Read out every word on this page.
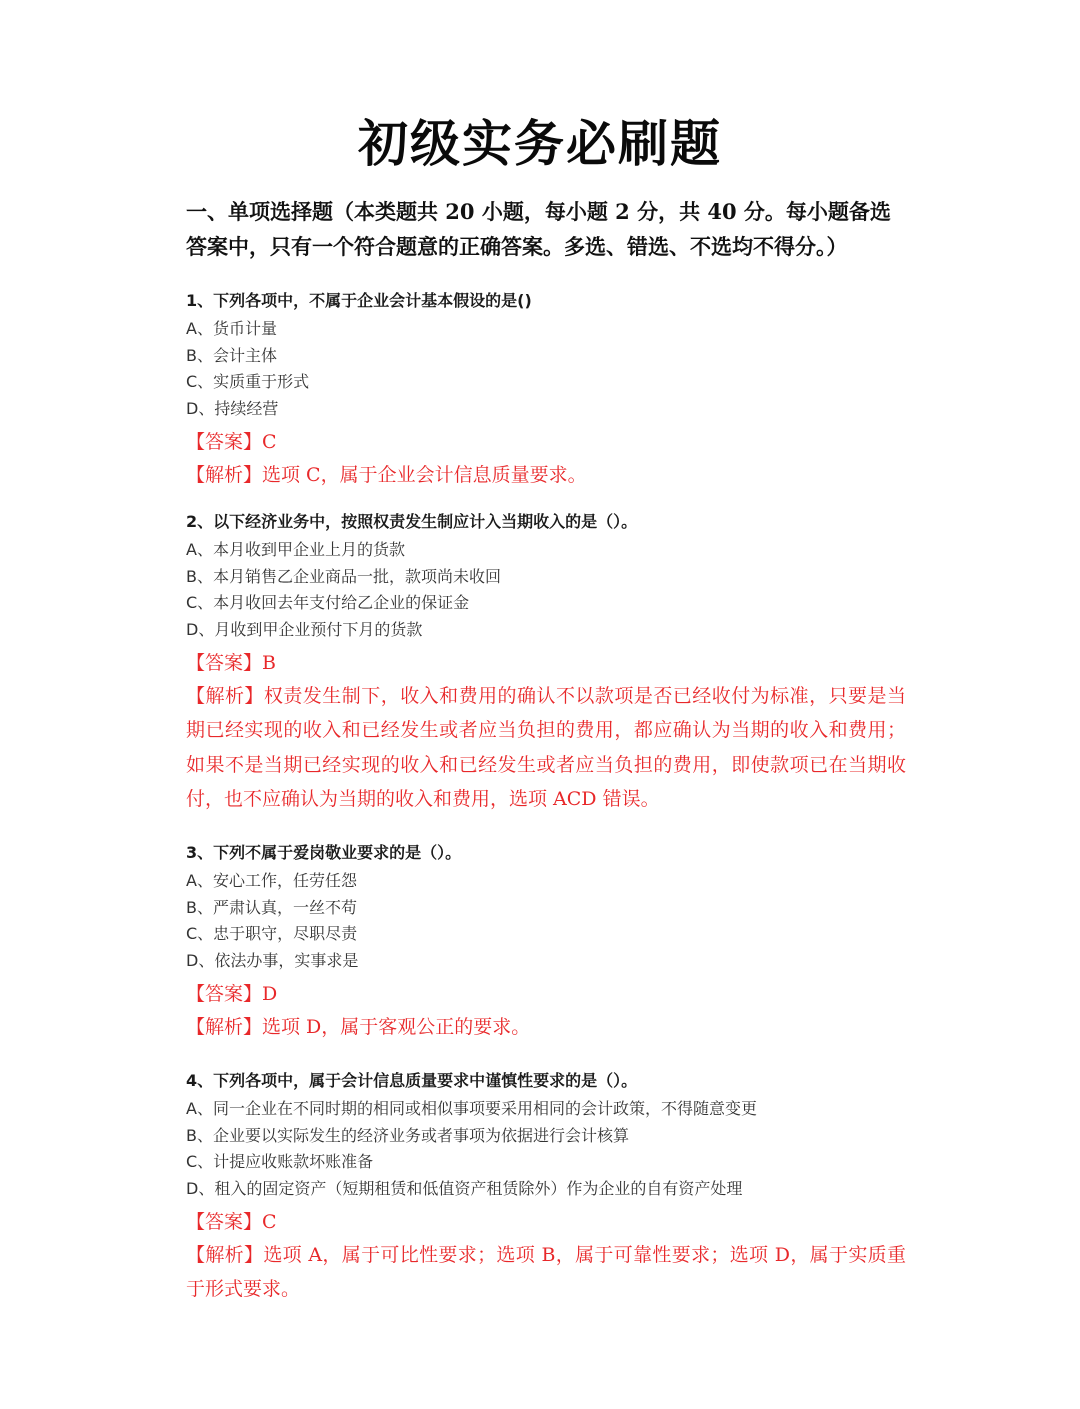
初级实务必刷题

一、单项选择题（本类题共 20 小题，每小题 2 分，共 40 分。每小题备选答案中，只有一个符合题意的正确答案。多选、错选、不选均不得分。）

1、下列各项中，不属于企业会计基本假设的是()

A、货币计量

B、会计主体

C、实质重于形式

D、持续经营

【答案】C

【解析】选项 C，属于企业会计信息质量要求。

2、以下经济业务中，按照权责发生制应计入当期收入的是（）。

A、本月收到甲企业上月的货款

B、本月销售乙企业商品一批，款项尚未收回

C、本月收回去年支付给乙企业的保证金

D、月收到甲企业预付下月的货款

【答案】B

【解析】权责发生制下，收入和费用的确认不以款项是否已经收付为标准，只要是当期已经实现的收入和已经发生或者应当负担的费用，都应确认为当期的收入和费用；如果不是当期已经实现的收入和已经发生或者应当负担的费用，即使款项已在当期收付，也不应确认为当期的收入和费用，选项 ACD 错误。

3、下列不属于爱岗敬业要求的是（）。

A、安心工作，任劳任怨

B、严肃认真，一丝不苟

C、忠于职守，尽职尽责

D、依法办事，实事求是

【答案】D

【解析】选项 D，属于客观公正的要求。

4、下列各项中，属于会计信息质量要求中谨慎性要求的是（）。

A、同一企业在不同时期的相同或相似事项要采用相同的会计政策，不得随意变更

B、企业要以实际发生的经济业务或者事项为依据进行会计核算

C、计提应收账款坏账准备

D、租入的固定资产（短期租赁和低值资产租赁除外）作为企业的自有资产处理

【答案】C

【解析】选项 A，属于可比性要求；选项 B，属于可靠性要求；选项 D，属于实质重于形式要求。
